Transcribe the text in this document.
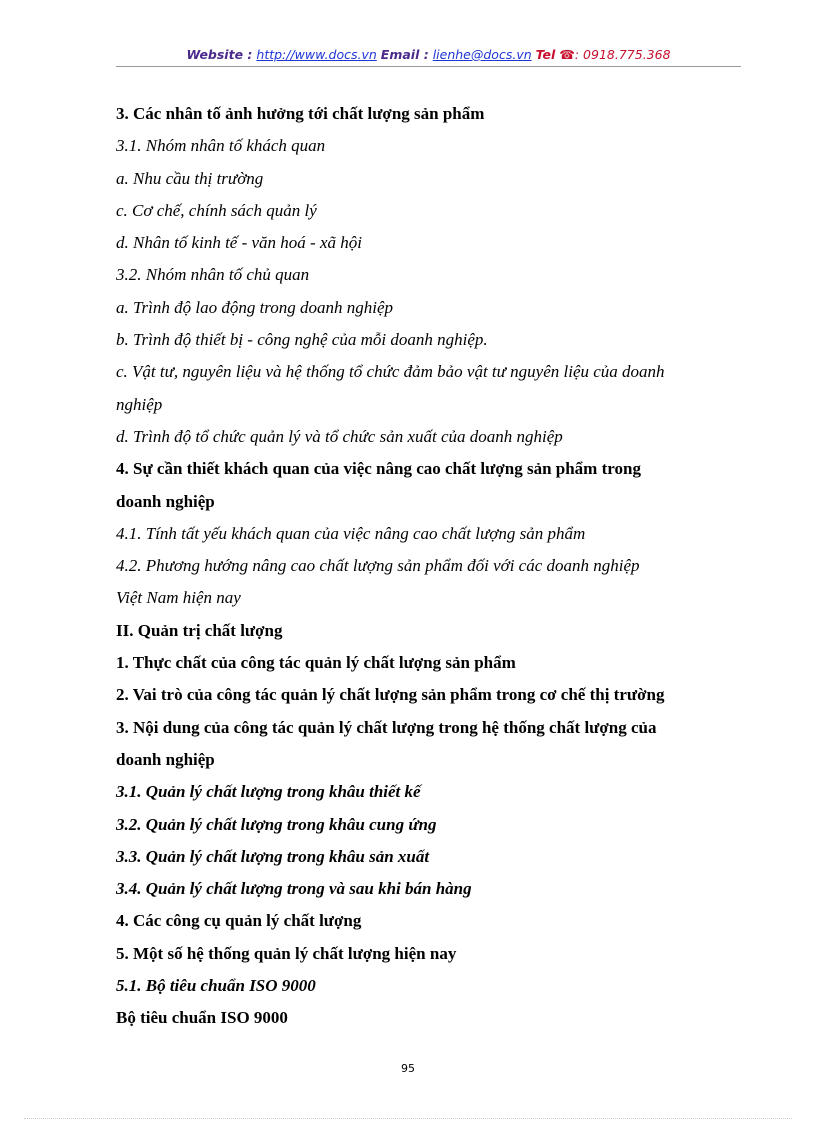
Website : http://www.docs.vn Email : lienhe@docs.vn Tel ☎: 0918.775.368
3. Các nhân tố ảnh hưởng tới chất lượng sản phẩm
3.1. Nhóm nhân tố khách quan
a. Nhu cầu thị trường
c. Cơ chế, chính sách quản lý
d. Nhân tố kinh tế - văn hoá - xã hội
3.2. Nhóm nhân tố chủ quan
a. Trình độ lao động trong doanh nghiệp
b. Trình độ thiết bị - công nghệ của mỗi doanh nghiệp.
c. Vật tư, nguyên liệu và hệ thống tổ chức đảm bảo vật tư nguyên liệu của doanh
nghiệp
d. Trình độ tổ chức quản lý và tổ chức sản xuất của doanh nghiệp
4. Sự cần thiết khách quan của việc nâng cao chất lượng sản phẩm trong
doanh nghiệp
4.1. Tính tất yếu khách quan của việc nâng cao chất lượng sản phẩm
4.2. Phương hướng nâng cao chất lượng sản phẩm đối với các doanh nghiệp
Việt Nam hiện nay
II. Quản trị chất lượng
1. Thực chất của công tác quản lý chất lượng sản phẩm
2. Vai trò của công tác quản lý chất lượng sản phẩm trong cơ chế thị trường
3. Nội dung của công tác quản lý chất lượng trong hệ thống chất lượng của
doanh nghiệp
3.1. Quản lý chất lượng trong khâu thiết kế
3.2. Quản lý chất lượng trong khâu cung ứng
3.3. Quản lý chất lượng trong khâu sản xuất
3.4. Quản lý chất lượng trong và sau khi bán hàng
4. Các công cụ quản lý chất lượng
5. Một số hệ thống quản lý chất lượng hiện nay
5.1. Bộ tiêu chuẩn ISO 9000
Bộ tiêu chuẩn ISO 9000
95
